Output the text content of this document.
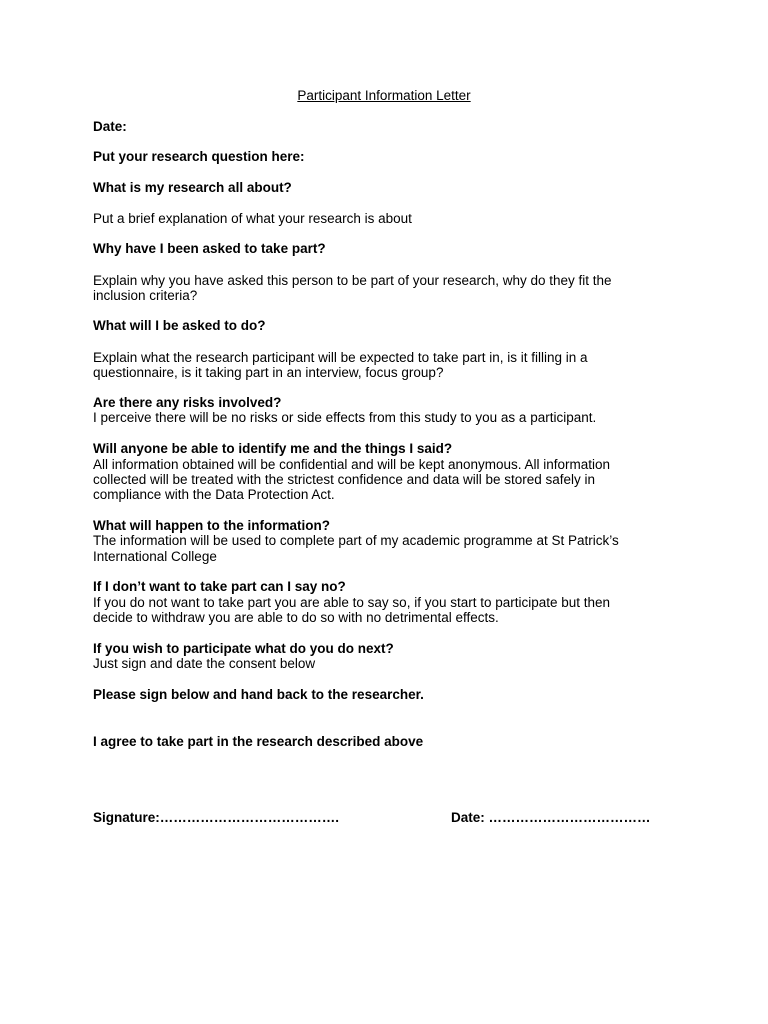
Participant Information Letter

Date:

Put your research question here:

What is my research all about?

Put a brief explanation of what your research is about

Why have I been asked to take part?

Explain why you have asked this person to be part of your research, why do they fit the

inclusion criteria?

What will I be asked to do?

Explain what the research participant will be expected to take part in, is it filling in a

questionnaire, is it taking part in an interview, focus group?

Are there any risks involved?

I perceive there will be no risks or side effects from this study to you as a participant.

Will anyone be able to identify me and the things I said?

All information obtained will be confidential and will be kept anonymous. All information

collected will be treated with the strictest confidence and data will be stored safely in

compliance with the Data Protection Act.

What will happen to the information?

The information will be used to complete part of my academic programme at St Patrick’s

International College

If I don’t want to take part can I say no?

If you do not want to take part you are able to say so, if you start to participate but then

decide to withdraw you are able to do so with no detrimental effects.

If you wish to participate what do you do next?

Just sign and date the consent below

Please sign below and hand back to the researcher.

I agree to take part in the research described above

Signature:………………………………….	Date: ………………………………
